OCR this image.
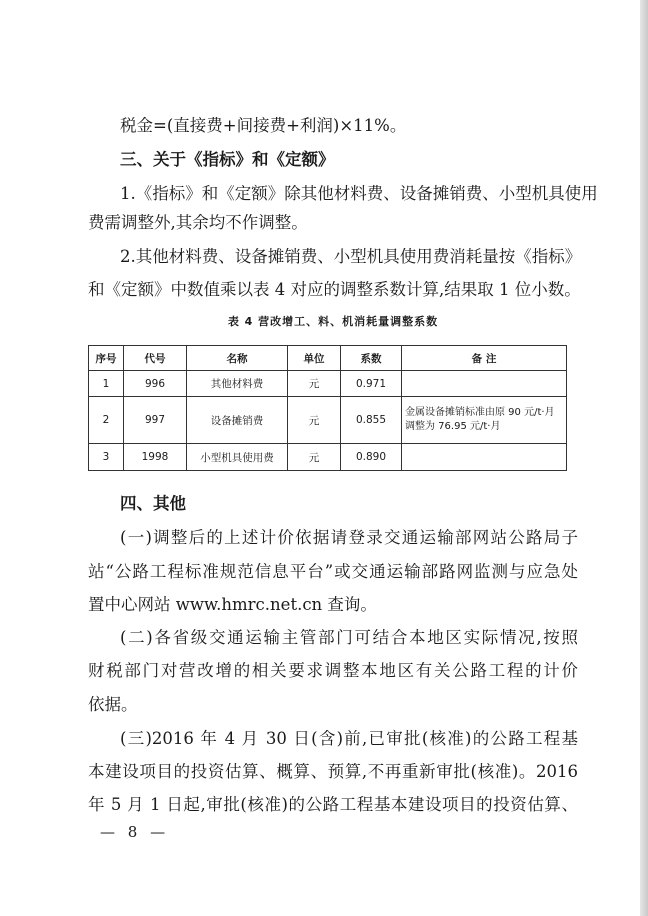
税金=(直接费+间接费+利润)×11%。
三、关于《指标》和《定额》
1.《指标》和《定额》除其他材料费、设备摊销费、小型机具使用
费需调整外,其余均不作调整。
2.其他材料费、设备摊销费、小型机具使用费消耗量按《指标》
和《定额》中数值乘以表 4 对应的调整系数计算,结果取 1 位小数。
表 4 营改增工、料、机消耗量调整系数
序号	代号	名称	单位	系数	备 注
1	996	其他材料费	元	0.971	
2	997	设备摊销费	元	0.855	金属设备摊销标准由原 90 元/t·月调整为 76.95 元/t·月
3	1998	小型机具使用费	元	0.890	
四、其他
(一)调整后的上述计价依据请登录交通运输部网站公路局子
站“公路工程标准规范信息平台”或交通运输部路网监测与应急处
置中心网站 www.hmrc.net.cn 查询。
(二)各省级交通运输主管部门可结合本地区实际情况,按照
财税部门对营改增的相关要求调整本地区有关公路工程的计价
依据。
(三)2016 年 4 月 30 日(含)前,已审批(核准)的公路工程基
本建设项目的投资估算、概算、预算,不再重新审批(核准)。2016
年 5 月 1 日起,审批(核准)的公路工程基本建设项目的投资估算、
— 8 —
